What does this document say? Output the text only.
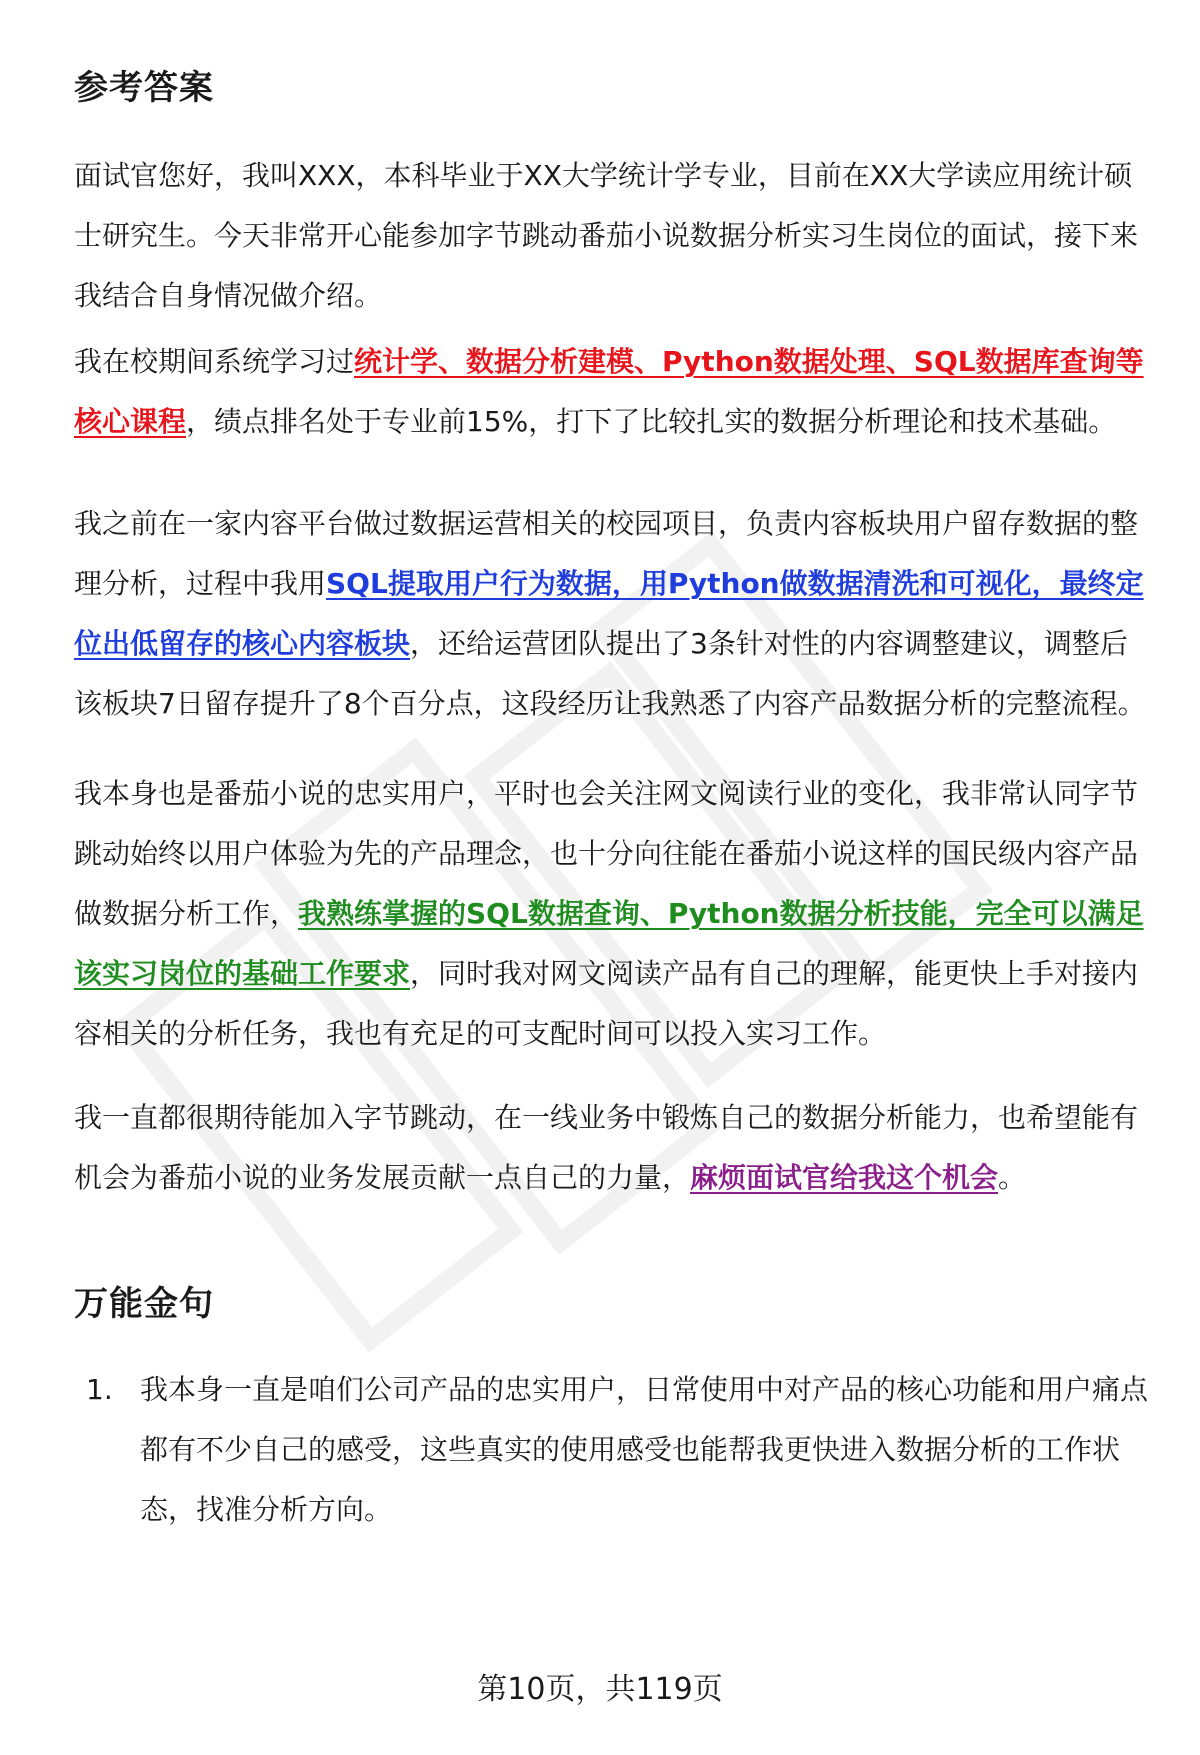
参考答案

面试官您好，我叫XXX，本科毕业于XX大学统计学专业，目前在XX大学读应用统计硕士研究生。今天非常开心能参加字节跳动番茄小说数据分析实习生岗位的面试，接下来我结合自身情况做介绍。

我在校期间系统学习过统计学、数据分析建模、Python数据处理、SQL数据库查询等核心课程，绩点排名处于专业前15%，打下了比较扎实的数据分析理论和技术基础。

我之前在一家内容平台做过数据运营相关的校园项目，负责内容板块用户留存数据的整理分析，过程中我用SQL提取用户行为数据，用Python做数据清洗和可视化，最终定位出低留存的核心内容板块，还给运营团队提出了3条针对性的内容调整建议，调整后该板块7日留存提升了8个百分点，这段经历让我熟悉了内容产品数据分析的完整流程。

我本身也是番茄小说的忠实用户，平时也会关注网文阅读行业的变化，我非常认同字节跳动始终以用户体验为先的产品理念，也十分向往能在番茄小说这样的国民级内容产品做数据分析工作，我熟练掌握的SQL数据查询、Python数据分析技能，完全可以满足该实习岗位的基础工作要求，同时我对网文阅读产品有自己的理解，能更快上手对接内容相关的分析任务，我也有充足的可支配时间可以投入实习工作。

我一直都很期待能加入字节跳动，在一线业务中锻炼自己的数据分析能力，也希望能有机会为番茄小说的业务发展贡献一点自己的力量，麻烦面试官给我这个机会。

万能金句
1. 我本身一直是咱们公司产品的忠实用户，日常使用中对产品的核心功能和用户痛点都有不少自己的感受，这些真实的使用感受也能帮我更快进入数据分析的工作状态，找准分析方向。
第10页，共119页
